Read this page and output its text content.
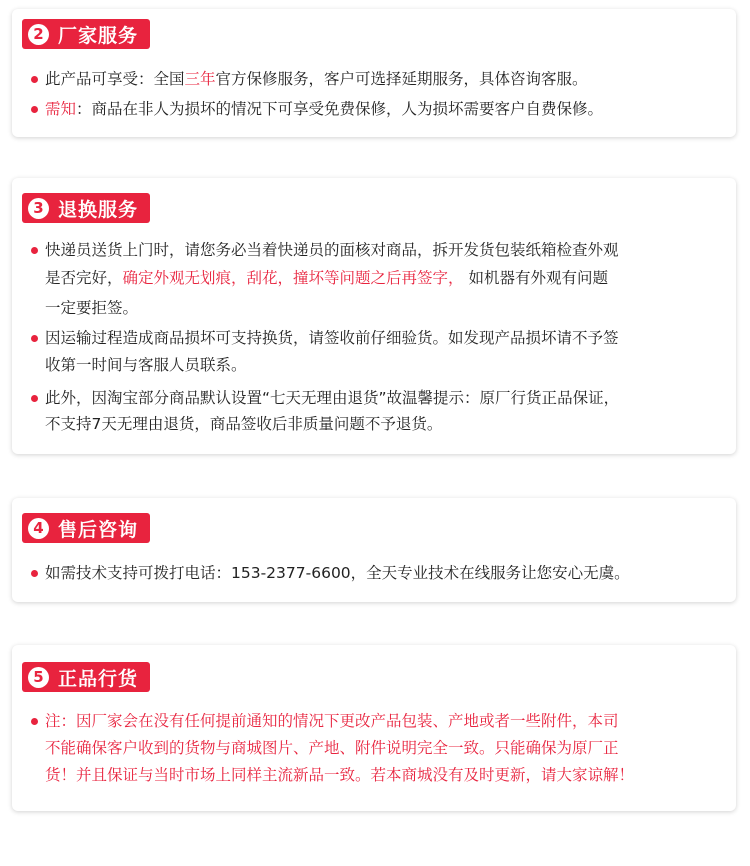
2 厂家服务
此产品可享受：全国三年官方保修服务，客户可选择延期服务，具体咨询客服。
需知：商品在非人为损坏的情况下可享受免费保修，人为损坏需要客户自费保修。
3 退换服务
快递员送货上门时，请您务必当着快递员的面核对商品，拆开发货包装纸箱检查外观
是否完好，确定外观无划痕，刮花，撞坏等问题之后再签字， 如机器有外观有问题
一定要拒签。
因运输过程造成商品损坏可支持换货，请签收前仔细验货。如发现产品损坏请不予签
收第一时间与客服人员联系。
此外，因淘宝部分商品默认设置“七天无理由退货”故温馨提示：原厂行货正品保证，
不支持7天无理由退货，商品签收后非质量问题不予退货。
4 售后咨询
如需技术支持可拨打电话：153-2377-6600，全天专业技术在线服务让您安心无虞。
5 正品行货
注：因厂家会在没有任何提前通知的情况下更改产品包装、产地或者一些附件，本司
不能确保客户收到的货物与商城图片、产地、附件说明完全一致。只能确保为原厂正
货！并且保证与当时市场上同样主流新品一致。若本商城没有及时更新，请大家谅解！
